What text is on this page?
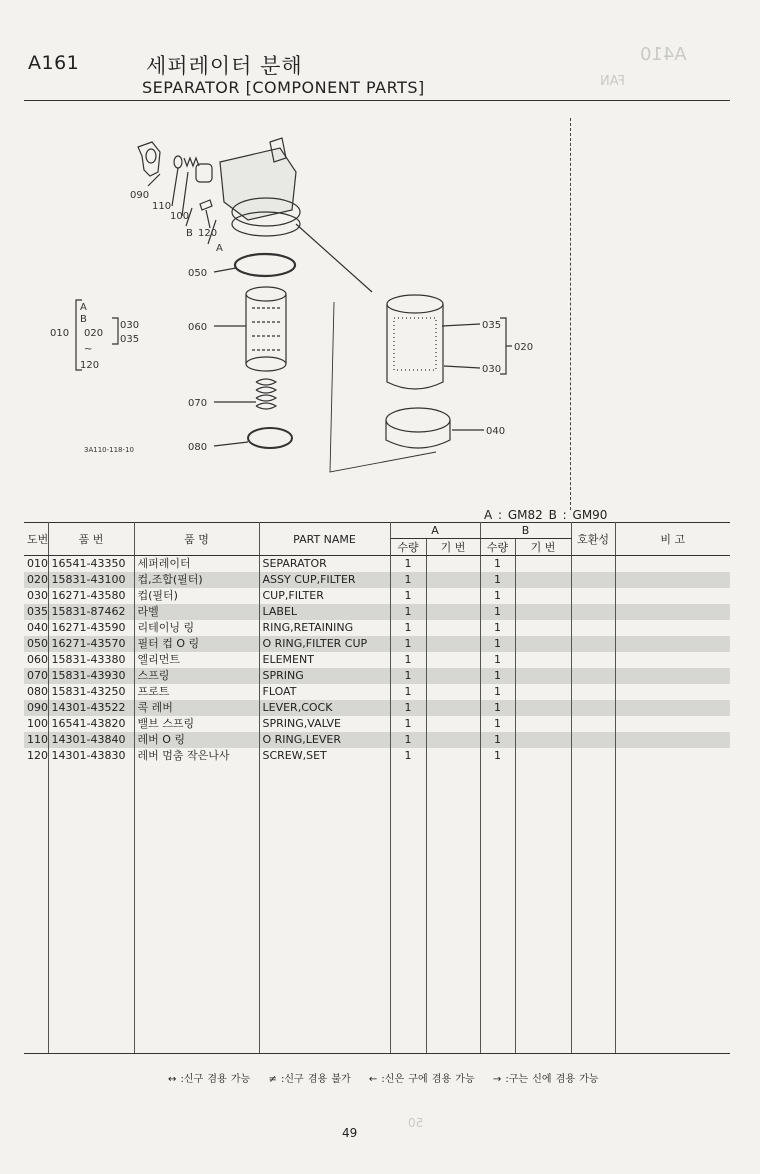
A410
FAN
50
A161	세퍼레이터 분해
SEPARATOR [COMPONENT PARTS]
090
110
100
B 120
A
050
060
070
080
035
020
030
040
A
B
010 020
030
035
~
120
3A110-118-10
A : GM82 B : GM90
도번	품 번	품 명	PART NAME	A		B		호환성	비 고
				수량	기 번	수량	기 번		
010	16541-43350	세퍼레이터	SEPARATOR	1		1			
020	15831-43100	컵,조합(필터)	ASSY CUP,FILTER	1		1			
030	16271-43580	컵(필터)	CUP,FILTER	1		1			
035	15831-87462	라벨	LABEL	1		1			
040	16271-43590	리테이닝 링	RING,RETAINING	1		1			
050	16271-43570	필터 컵 O 링	O RING,FILTER CUP	1		1			
060	15831-43380	엘리먼트	ELEMENT	1		1			
070	15831-43930	스프링	SPRING	1		1			
080	15831-43250	프로트	FLOAT	1		1			
090	14301-43522	콕 레버	LEVER,COCK	1		1			
100	16541-43820	밸브 스프링	SPRING,VALVE	1		1			
110	14301-43840	레버 O 링	O RING,LEVER	1		1			
120	14301-43830	레버 멈춤 작은나사	SCREW,SET	1		1			

↔ :신구 겸용 가능 ≠ :신구 겸용 불가 ← :신은 구에 겸용 가능 → :구는 신에 겸용 가능
49
